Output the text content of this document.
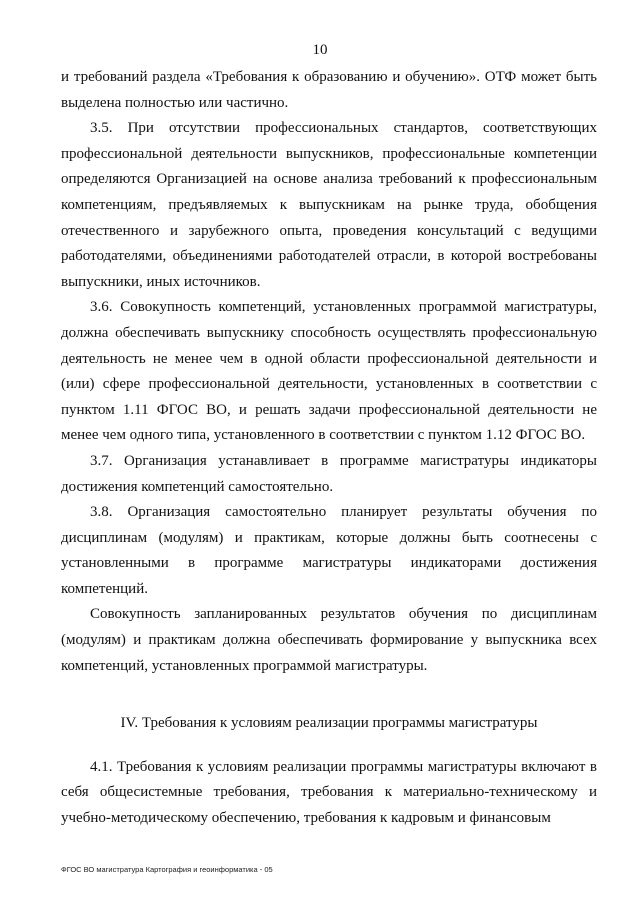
10

и требований раздела «Требования к образованию и обучению». ОТФ может быть выделена полностью или частично.

3.5. При отсутствии профессиональных стандартов, соответствующих профессиональной деятельности выпускников, профессиональные компетенции определяются Организацией на основе анализа требований к профессиональным компетенциям, предъявляемых к выпускникам на рынке труда, обобщения отечественного и зарубежного опыта, проведения консультаций с ведущими работодателями, объединениями работодателей отрасли, в которой востребованы выпускники, иных источников.

3.6. Совокупность компетенций, установленных программой магистратуры, должна обеспечивать выпускнику способность осуществлять профессиональную деятельность не менее чем в одной области профессиональной деятельности и (или) сфере профессиональной деятельности, установленных в соответствии с пунктом 1.11 ФГОС ВО, и решать задачи профессиональной деятельности не менее чем одного типа, установленного в соответствии с пунктом 1.12 ФГОС ВО.

3.7. Организация устанавливает в программе магистратуры индикаторы достижения компетенций самостоятельно.

3.8. Организация самостоятельно планирует результаты обучения по дисциплинам (модулям) и практикам, которые должны быть соотнесены с установленными в программе магистратуры индикаторами достижения компетенций.

Совокупность запланированных результатов обучения по дисциплинам (модулям) и практикам должна обеспечивать формирование у выпускника всех компетенций, установленных программой магистратуры.

IV. Требования к условиям реализации программы магистратуры

4.1. Требования к условиям реализации программы магистратуры включают в себя общесистемные требования, требования к материально-техническому и учебно-методическому обеспечению, требования к кадровым и финансовым

ФГОС ВО магистратура Картография и геоинформатика - 05
